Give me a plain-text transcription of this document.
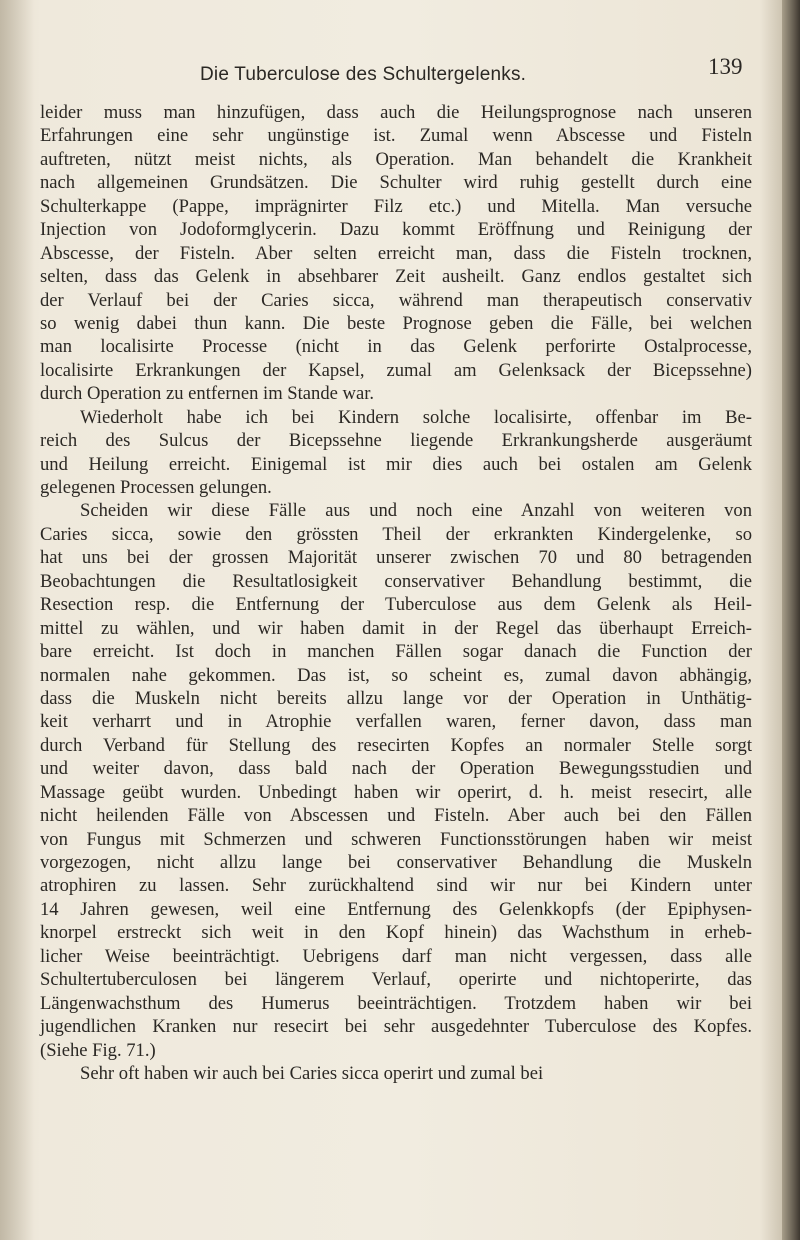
Die Tuberculose des Schultergelenks.	139
leider muss man hinzufügen, dass auch die Heilungsprognose nach unseren
Erfahrungen eine sehr ungünstige ist. Zumal wenn Abscesse und Fisteln
auftreten, nützt meist nichts, als Operation. Man behandelt die Krankheit
nach allgemeinen Grundsätzen. Die Schulter wird ruhig gestellt durch eine
Schulterkappe (Pappe, imprägnirter Filz etc.) und Mitella. Man versuche
Injection von Jodoformglycerin. Dazu kommt Eröffnung und Reinigung der
Abscesse, der Fisteln. Aber selten erreicht man, dass die Fisteln trocknen,
selten, dass das Gelenk in absehbarer Zeit ausheilt. Ganz endlos gestaltet sich
der Verlauf bei der Caries sicca, während man therapeutisch conservativ
so wenig dabei thun kann. Die beste Prognose geben die Fälle, bei welchen
man localisirte Processe (nicht in das Gelenk perforirte Ostalprocesse,
localisirte Erkrankungen der Kapsel, zumal am Gelenksack der Bicepssehne)
durch Operation zu entfernen im Stande war.
Wiederholt habe ich bei Kindern solche localisirte, offenbar im Be-
reich des Sulcus der Bicepssehne liegende Erkrankungsherde ausgeräumt
und Heilung erreicht. Einigemal ist mir dies auch bei ostalen am Gelenk
gelegenen Processen gelungen.
Scheiden wir diese Fälle aus und noch eine Anzahl von weiteren von
Caries sicca, sowie den grössten Theil der erkrankten Kindergelenke, so
hat uns bei der grossen Majorität unserer zwischen 70 und 80 betragenden
Beobachtungen die Resultatlosigkeit conservativer Behandlung bestimmt, die
Resection resp. die Entfernung der Tuberculose aus dem Gelenk als Heil-
mittel zu wählen, und wir haben damit in der Regel das überhaupt Erreich-
bare erreicht. Ist doch in manchen Fällen sogar danach die Function der
normalen nahe gekommen. Das ist, so scheint es, zumal davon abhängig,
dass die Muskeln nicht bereits allzu lange vor der Operation in Unthätig-
keit verharrt und in Atrophie verfallen waren, ferner davon, dass man
durch Verband für Stellung des resecirten Kopfes an normaler Stelle sorgt
und weiter davon, dass bald nach der Operation Bewegungsstudien und
Massage geübt wurden. Unbedingt haben wir operirt, d. h. meist resecirt, alle
nicht heilenden Fälle von Abscessen und Fisteln. Aber auch bei den Fällen
von Fungus mit Schmerzen und schweren Functionsstörungen haben wir meist
vorgezogen, nicht allzu lange bei conservativer Behandlung die Muskeln
atrophiren zu lassen. Sehr zurückhaltend sind wir nur bei Kindern unter
14 Jahren gewesen, weil eine Entfernung des Gelenkkopfs (der Epiphysen-
knorpel erstreckt sich weit in den Kopf hinein) das Wachsthum in erheb-
licher Weise beeinträchtigt. Uebrigens darf man nicht vergessen, dass alle
Schultertuberculosen bei längerem Verlauf, operirte und nichtoperirte, das
Längenwachsthum des Humerus beeinträchtigen. Trotzdem haben wir bei
jugendlichen Kranken nur resecirt bei sehr ausgedehnter Tuberculose des Kopfes.
(Siehe Fig. 71.)
Sehr oft haben wir auch bei Caries sicca operirt und zumal bei
